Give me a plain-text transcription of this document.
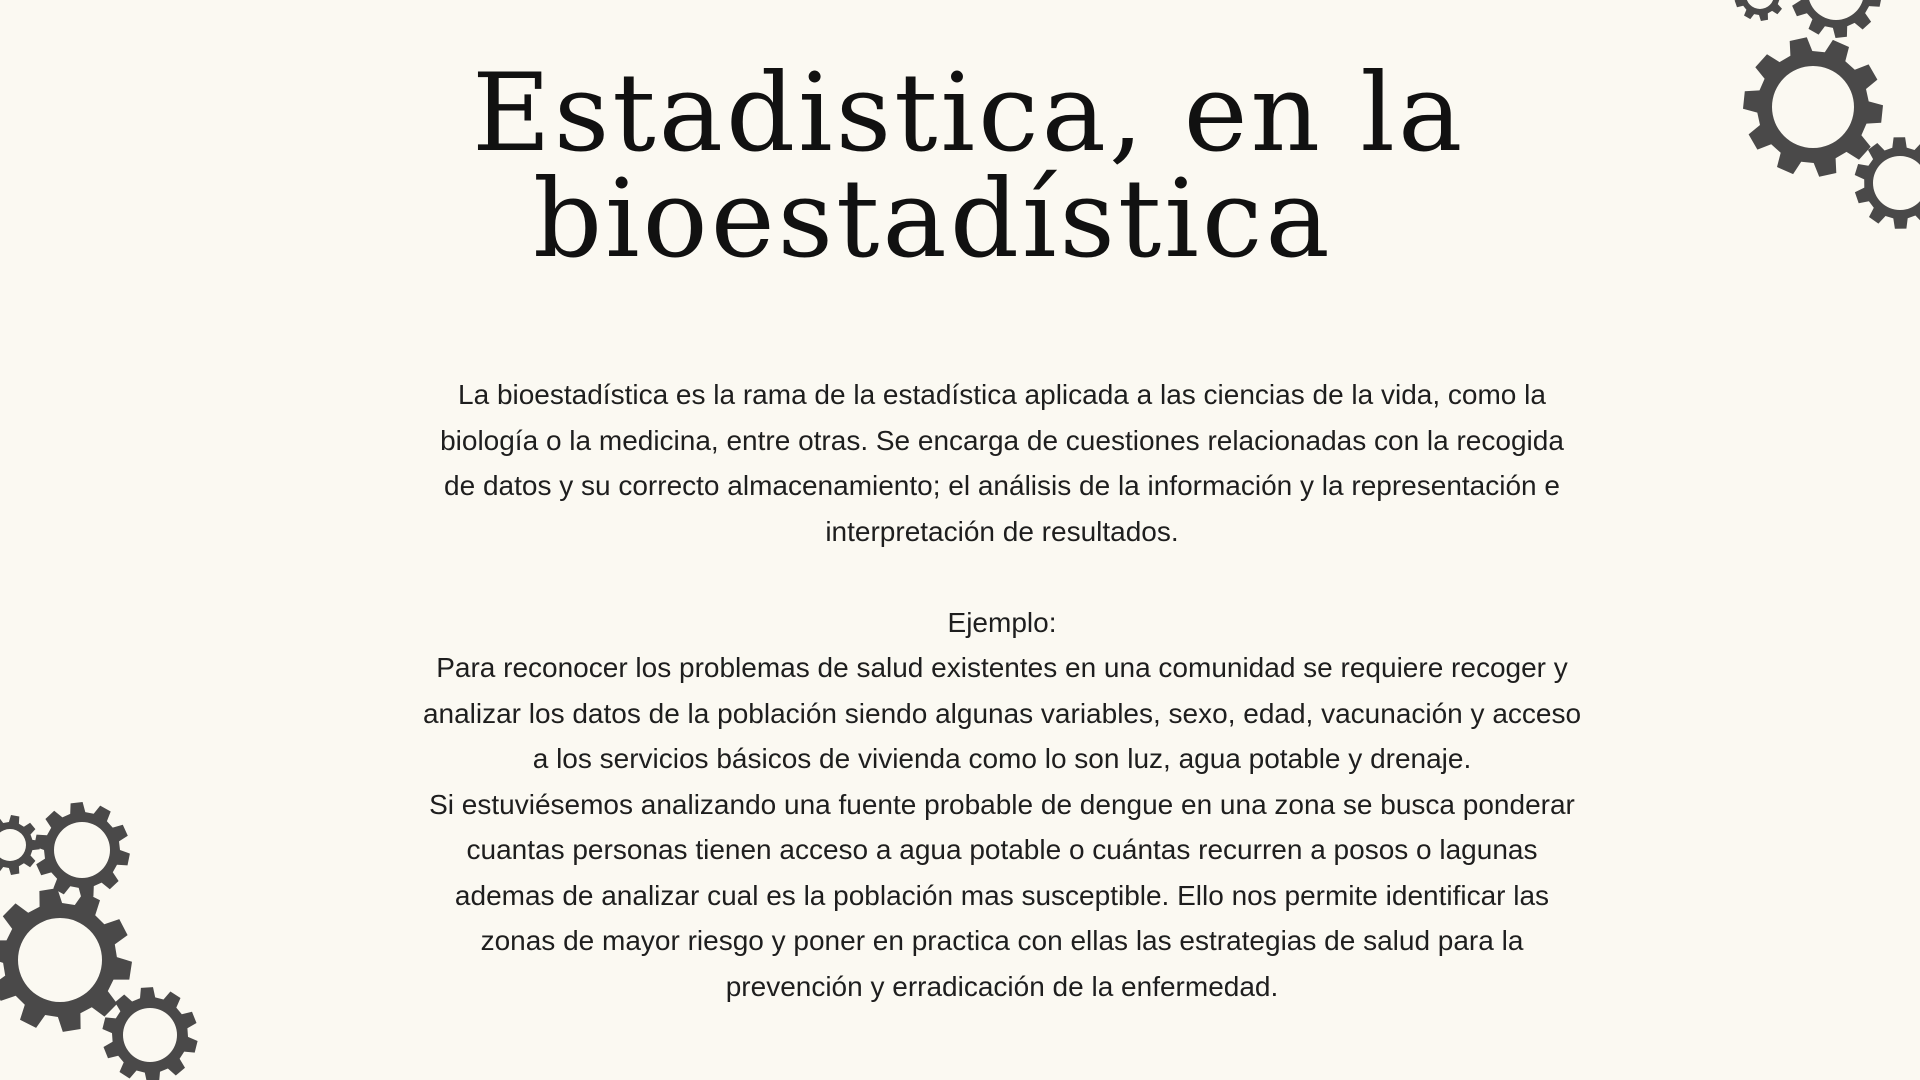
Estadistica, en la
bioestadística
La bioestadística es la rama de la estadística aplicada a las ciencias de la vida, como la
biología o la medicina, entre otras. Se encarga de cuestiones relacionadas con la recogida
de datos y su correcto almacenamiento; el análisis de la información y la representación e
interpretación de resultados.
Ejemplo:
Para reconocer los problemas de salud existentes en una comunidad se requiere recoger y
analizar los datos de la población siendo algunas variables, sexo, edad, vacunación y acceso
a los servicios básicos de vivienda como lo son luz, agua potable y drenaje.
Si estuviésemos analizando una fuente probable de dengue en una zona se busca ponderar
cuantas personas tienen acceso a agua potable o cuántas recurren a posos o lagunas
ademas de analizar cual es la población mas susceptible. Ello nos permite identificar las
zonas de mayor riesgo y poner en practica con ellas las estrategias de salud para la
prevención y erradicación de la enfermedad.
